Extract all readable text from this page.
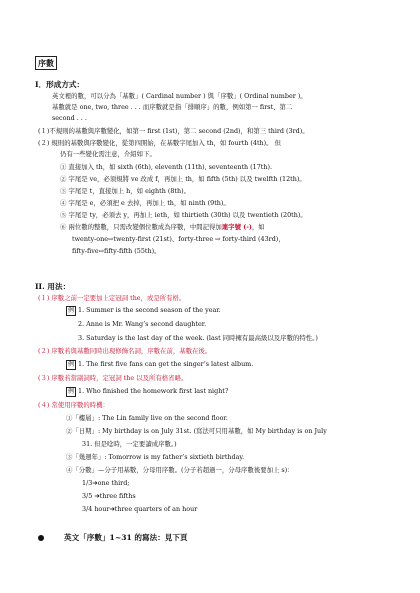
序數
I．形成方式：
英文裡的數，可以分為「基數」( Cardinal number ) 與「序數」( Ordinal number )。
基數就是 one, two, three . . . 而序數就是指「排順序」的數，例如第一 first、第二
second . . .
(１)不規則的基數與序數變化，如第一 first (1st)，第二 second (2nd)，和第三 third (3rd)。
(２) 規則的基數與序數變化，從第四開始，在基數字尾加入 th，如 fourth (4th)。 但
仍有一些變化需注意，介紹如下。
① 直接加入 th，如 sixth (6th), eleventh (11th), seventeenth (17th).
② 字尾是 ve，必須規將 ve 改成 f，再加上 th，如 fifth (5th) 以及 twelfth (12th)。
③ 字尾是 t，直接加上 h，如 eighth (8th)。
④ 字尾是 e，必須把 e 去掉，再加上 th，如 ninth (9th)。
⑤ 字尾是 ty，必須去 y，再加上 ieth，如 thirtieth (30th) 以及 twentieth (20th)。
⑥ 兩位數的整數，只需改變個位數成為序數，中間記得加連字號 (-)，如
twenty-one⇨twenty-first (21st)、forty-three ⇨ forty-third (43rd)，
fifty-five⇨fifty-fifth (55th)。
II. 用法：
(１) 序數之前一定要加上定冠詞 the，或是所有格。
例 1. Summer is the second season of the year.
2. Anne is Mr. Wang’s second daughter.
3. Saturday is the last day of the week. (last 同時擁有最高級以及序數的特性。)
(２) 序數若與基數同時出現修飾名詞，序數在前，基數在後。
例 1. The first five fans can get the singer’s latest album.
(３) 序數若當副詞時，定冠詞 the 以及所有格省略。
例 1. Who finished the homework first last night?
(４) 常使用序數的時機：
①「樓層」: The Lin family live on the second floor.
②「日期」: My birthday is on July 31st. (寫法可只用基數，如 My birthday is on July
31. 但是唸時，一定要讀成序數。)
③「幾週年」: Tomorrow is my father’s sixtieth birthday.
④「分數」—分子用基數，分母用序數。(分子若超過一，分母序數後要加上 s)：
1/3➔one third;
3/5 ➔three fifths
3/4 hour➔three quarters of an hour
英文「序數」1~31 的寫法：見下頁
